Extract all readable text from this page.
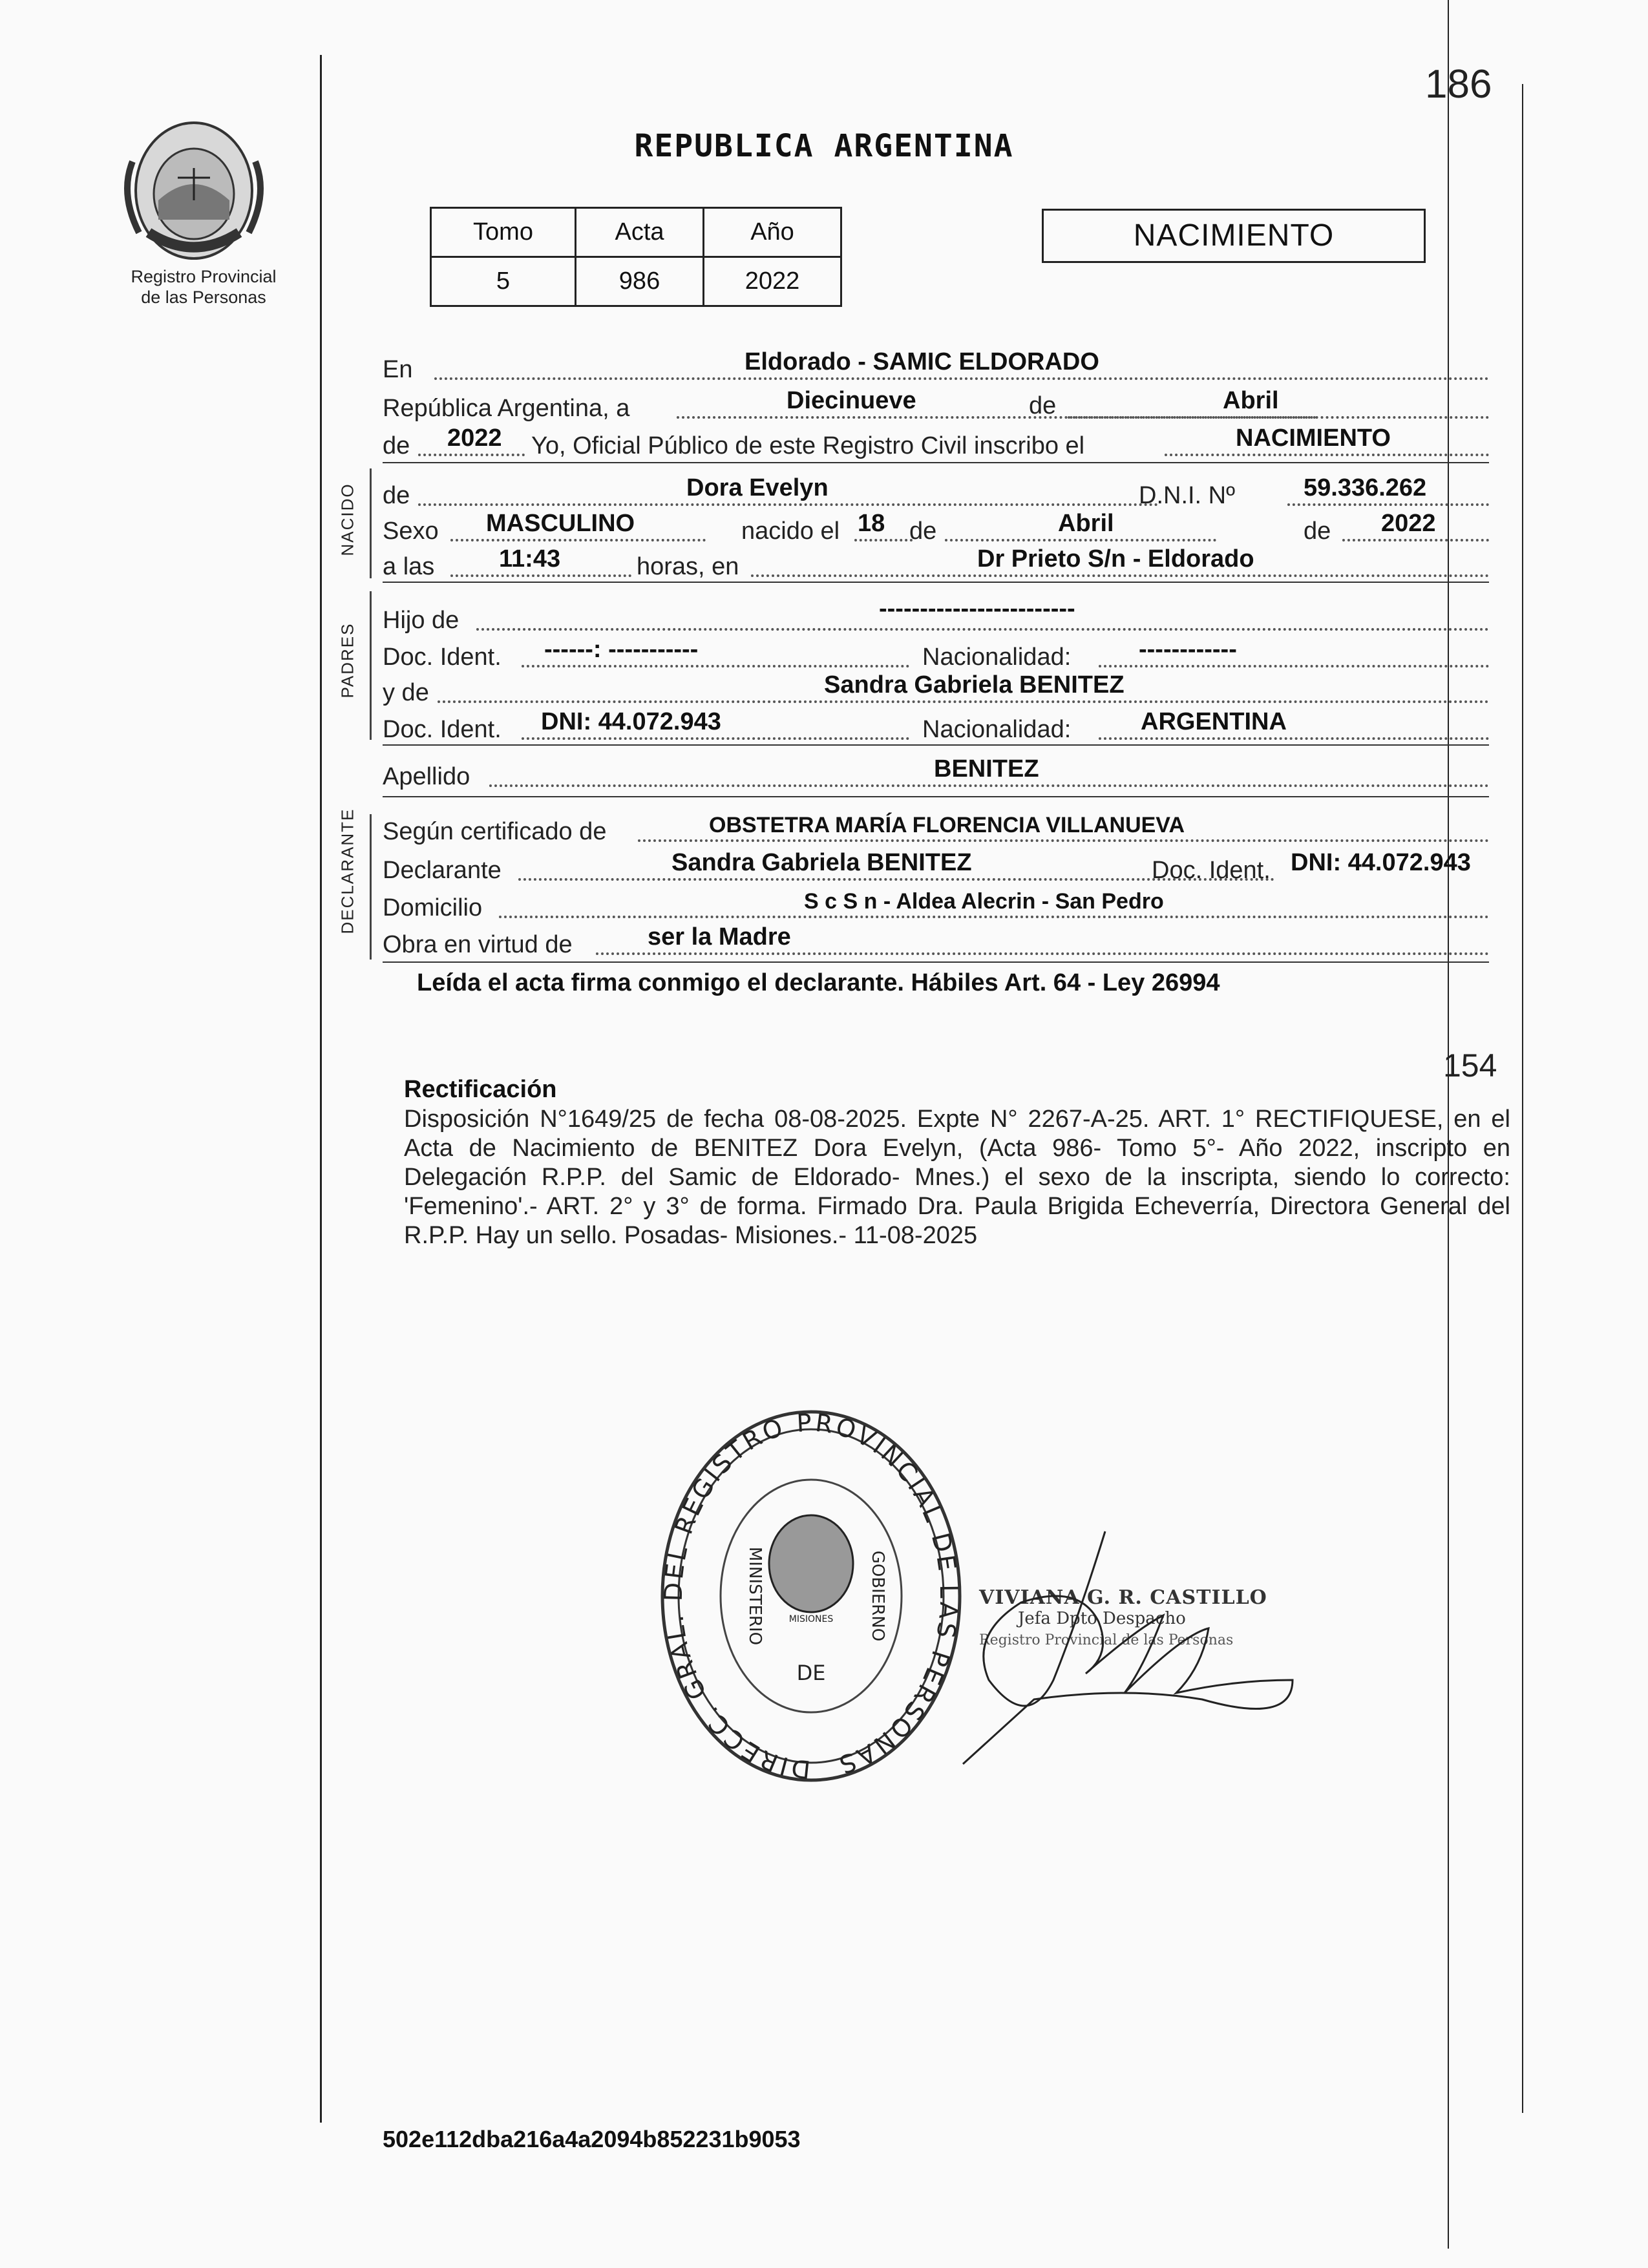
186
REPUBLICA ARGENTINA
Registro Provincial
de las Personas
Tomo	Acta	Año
5	986	2022
NACIMIENTO
NACIDO
PADRES
DECLARANTE
En	Eldorado - SAMIC ELDORADO
República Argentina, a	Diecinueve	de	Abril
de 2022 Yo, Oficial Público de este Registro Civil inscribo el	NACIMIENTO
de	Dora Evelyn	D.N.I. Nº	59.336.262
Sexo MASCULINO	nacido el 18 de	Abril	de 2022
a las	11:43	horas, en	Dr Prieto S/n - Eldorado
Hijo de	------------------------
Doc. Ident. ------: -----------	Nacionalidad:	------------
y de	Sandra Gabriela BENITEZ
Doc. Ident. DNI: 44.072.943	Nacionalidad:	ARGENTINA
Apellido	BENITEZ
Según certificado de	OBSTETRA MARÍA FLORENCIA VILLANUEVA
Declarante	Sandra Gabriela BENITEZ	Doc. Ident. DNI: 44.072.943
Domicilio	S c S n - Aldea Alecrin - San Pedro
Obra en virtud de	ser la Madre
Leída el acta firma conmigo el declarante. Hábiles Art. 64 - Ley 26994
154
Rectificación
Disposición N°1649/25 de fecha 08-08-2025. Expte N° 2267-A-25. ART. 1° RECTIFIQUESE, en el Acta de Nacimiento de BENITEZ Dora Evelyn, (Acta 986- Tomo 5°- Año 2022, inscripto en Delegación R.P.P. del Samic de Eldorado- Mnes.) el sexo de la inscripta, siendo lo correcto: 'Femenino'.- ART. 2° y 3° de forma. Firmado Dra. Paula Brigida Echeverría, Directora General del R.P.P. Hay un sello. Posadas- Misiones.- 11-08-2025
DIRECC. GRAL. DEL REGISTRO PROVINCIAL DE LAS PERSONAS
MISIONES
MINISTERIO	GOBIERNO
DE
VIVIANA G. R. CASTILLO
Jefa Dpto Despacho
Registro Provincial de las Personas
502e112dba216a4a2094b852231b9053
